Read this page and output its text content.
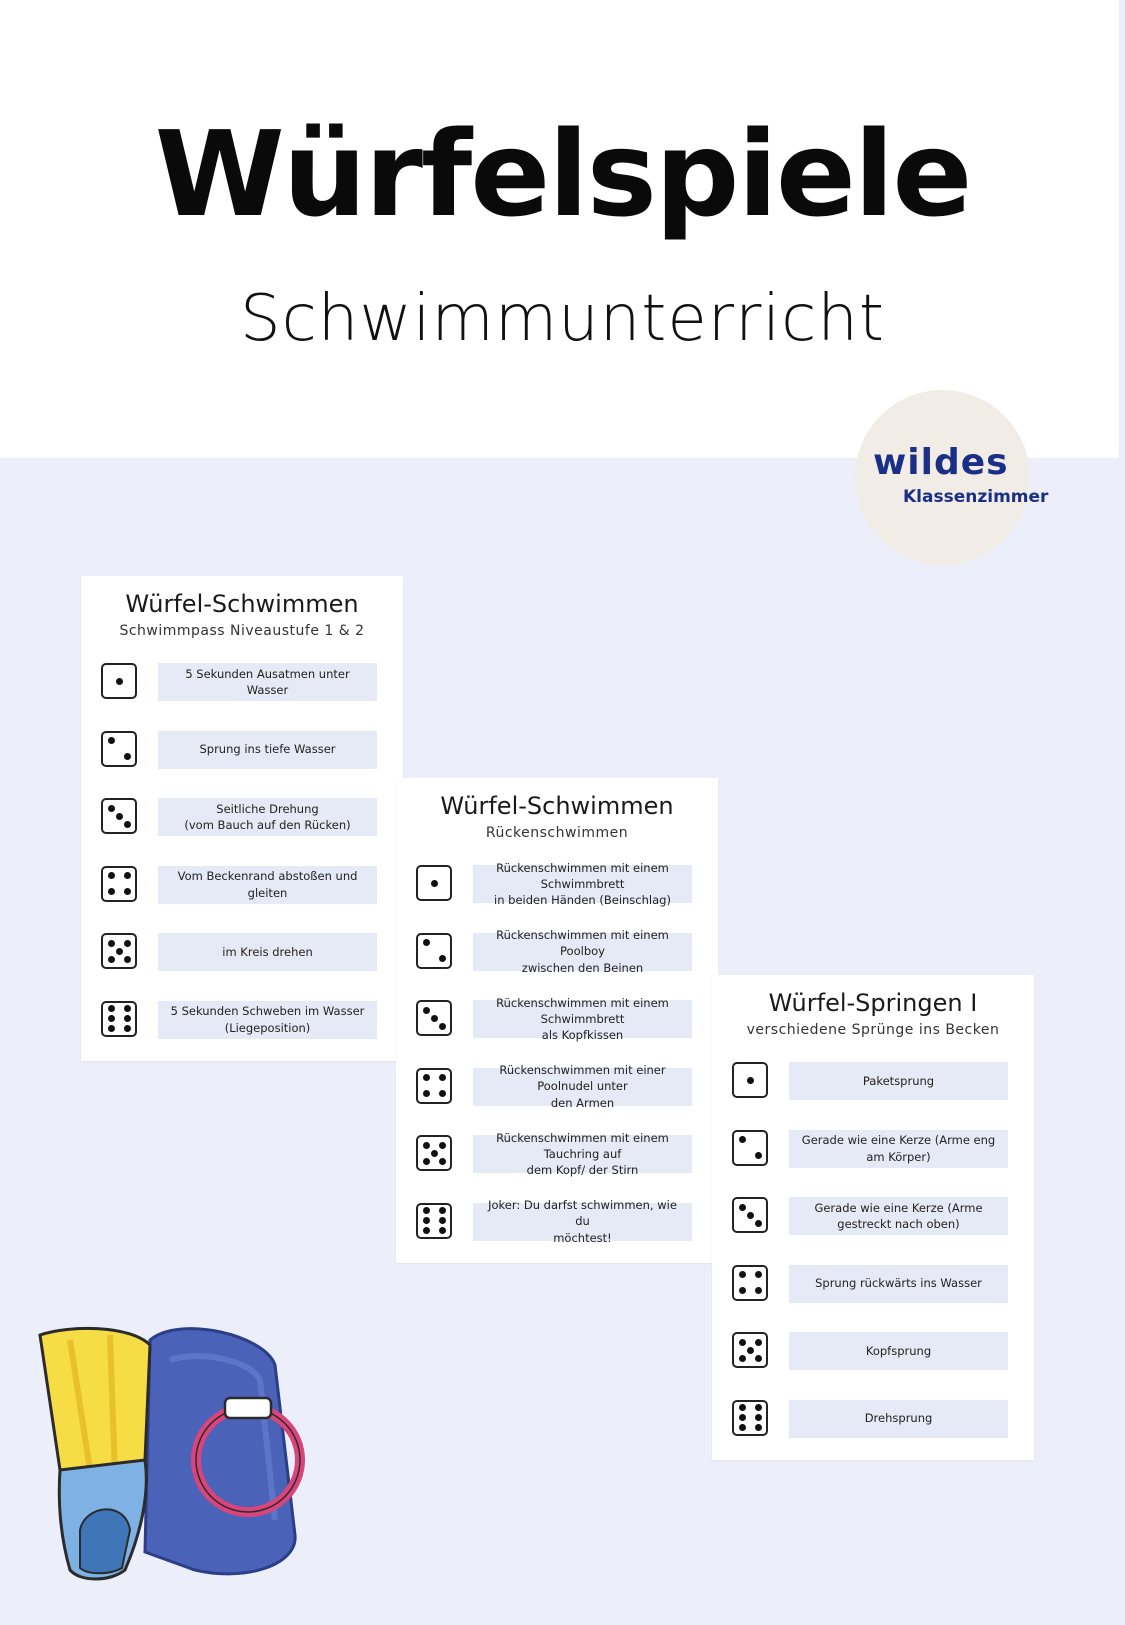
Würfelspiele
Schwimmunterricht
wildes
Klassenzimmer
Würfel-Schwimmen
Schwimmpass Niveaustufe 1 & 2
5 Sekunden Ausatmen unter Wasser
Sprung ins tiefe Wasser
Seitliche Drehung
(vom Bauch auf den Rücken)
Vom Beckenrand abstoßen und gleiten
im Kreis drehen
5 Sekunden Schweben im Wasser
(Liegeposition)
Würfel-Schwimmen
Rückenschwimmen
Rückenschwimmen mit einem Schwimmbrett
in beiden Händen (Beinschlag)
Rückenschwimmen mit einem Poolboy
zwischen den Beinen
Rückenschwimmen mit einem Schwimmbrett
als Kopfkissen
Rückenschwimmen mit einer Poolnudel unter
den Armen
Rückenschwimmen mit einem Tauchring auf
dem Kopf/ der Stirn
Joker: Du darfst schwimmen, wie du
möchtest!
Würfel-Springen I
verschiedene Sprünge ins Becken
Paketsprung
Gerade wie eine Kerze (Arme eng
am Körper)
Gerade wie eine Kerze (Arme
gestreckt nach oben)
Sprung rückwärts ins Wasser
Kopfsprung
Drehsprung
